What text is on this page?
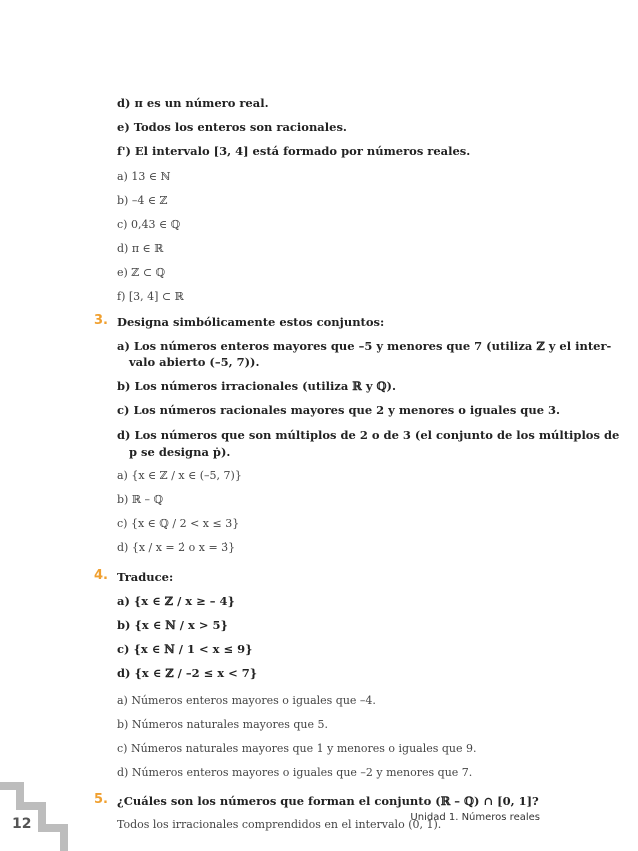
d) π es un número real.
e) Todos los enteros son racionales.
f') El intervalo [3, 4] está formado por números reales.
a) 13 ∈ ℕ
b) –4 ∈ ℤ
c) 0,43 ∈ ℚ
d) π ∈ ℝ
e) ℤ ⊂ ℚ
f) [3, 4] ⊂ ℝ
3. Designa simbólicamente estos conjuntos:
a) Los números enteros mayores que –5 y menores que 7 (utiliza ℤ y el inter-
valo abierto (–5, 7)).
b) Los números irracionales (utiliza ℝ y ℚ).
c) Los números racionales mayores que 2 y menores o iguales que 3.
d) Los números que son múltiplos de 2 o de 3 (el conjunto de los múltiplos de
p se designa ṗ).
a) {x ∈ ℤ / x ∈ (–5, 7)}
b) ℝ – ℚ
c) {x ∈ ℚ / 2 < x ≤ 3}
d) {x / x = 2̇ o x = 3̇}
4. Traduce:
a) {x ∈ ℤ / x ≥ – 4}
b) {x ∈ ℕ / x > 5}
c) {x ∈ ℕ / 1 < x ≤ 9}
d) {x ∈ ℤ / –2 ≤ x < 7}
a) Números enteros mayores o iguales que –4.
b) Números naturales mayores que 5.
c) Números naturales mayores que 1 y menores o iguales que 9.
d) Números enteros mayores o iguales que –2 y menores que 7.
5. ¿Cuáles son los números que forman el conjunto (ℝ – ℚ) ∩ [0, 1]?
Todos los irracionales comprendidos en el intervalo (0, 1).
12	Unidad 1. Números reales
